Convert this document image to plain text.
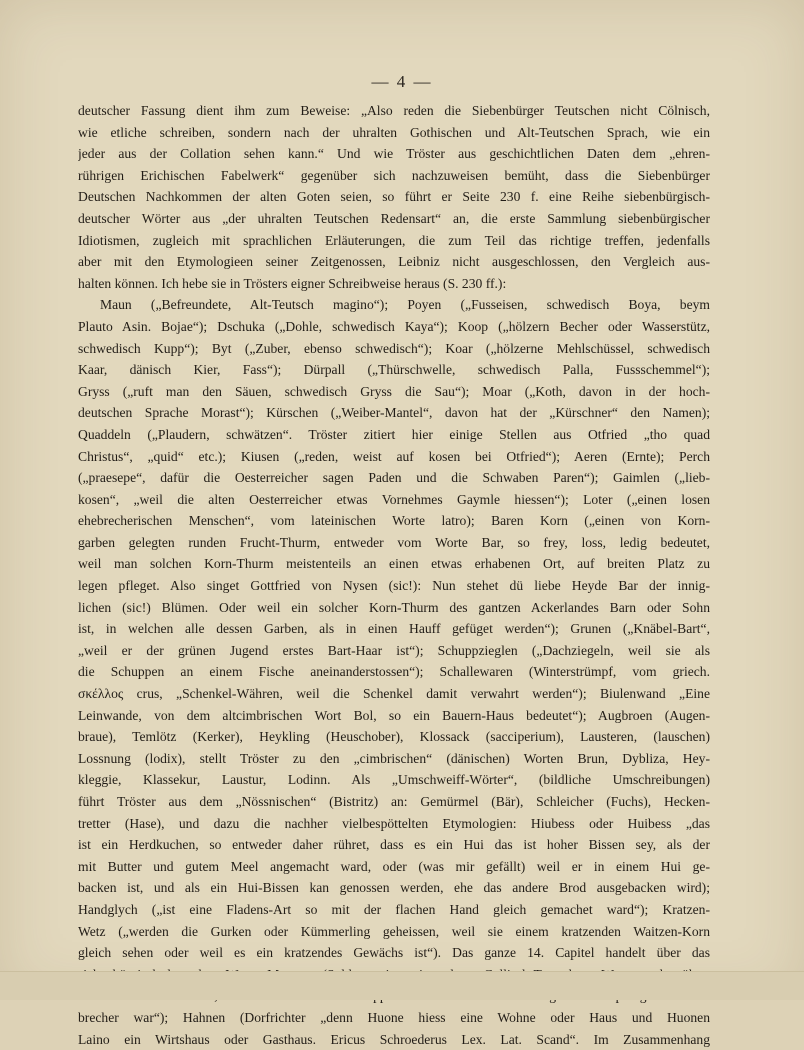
— 4 —
deutscher Fassung dient ihm zum Beweise: „Also reden die Siebenbürger Teutschen nicht Cölnisch,
wie etliche schreiben, sondern nach der uhralten Gothischen und Alt-Teutschen Sprach, wie ein
jeder aus der Collation sehen kann.“ Und wie Tröster aus geschichtlichen Daten dem „ehren-
rührigen Erichischen Fabelwerk“ gegenüber sich nachzuweisen bemüht, dass die Siebenbürger
Deutschen Nachkommen der alten Goten seien, so führt er Seite 230 f. eine Reihe siebenbürgisch-
deutscher Wörter aus „der uhralten Teutschen Redensart“ an, die erste Sammlung siebenbürgischer
Idiotismen, zugleich mit sprachlichen Erläuterungen, die zum Teil das richtige treffen, jedenfalls
aber mit den Etymologieen seiner Zeitgenossen, Leibniz nicht ausgeschlossen, den Vergleich aus-
halten können. Ich hebe sie in Trösters eigner Schreibweise heraus (S. 230 ff.):
Maun („Befreundete, Alt-Teutsch magino“); Poyen („Fusseisen, schwedisch Boya, beym
Plauto Asin. Bojae“); Dschuka („Dohle, schwedisch Kaya“); Koop („hölzern Becher oder Wasserstütz,
schwedisch Kupp“); Byt („Zuber, ebenso schwedisch“); Koar („hölzerne Mehlschüssel, schwedisch
Kaar, dänisch Kier, Fass“); Dürpall („Thürschwelle, schwedisch Palla, Fussschemmel“);
Gryss („ruft man den Säuen, schwedisch Gryss die Sau“); Moar („Koth, davon in der hoch-
deutschen Sprache Morast“); Kürschen („Weiber-Mantel“, davon hat der „Kürschner“ den Namen);
Quaddeln („Plaudern, schwätzen“. Tröster zitiert hier einige Stellen aus Otfried „tho quad
Christus“, „quid“ etc.); Kiusen („reden, weist auf kosen bei Otfried“); Aeren (Ernte); Perch
(„praesepe“, dafür die Oesterreicher sagen Paden und die Schwaben Paren“); Gaimlen („lieb-
kosen“, „weil die alten Oesterreicher etwas Vornehmes Gaymle hiessen“); Loter („einen losen
ehebrecherischen Menschen“, vom lateinischen Worte latro); Baren Korn („einen von Korn-
garben gelegten runden Frucht-Thurm, entweder vom Worte Bar, so frey, loss, ledig bedeutet,
weil man solchen Korn-Thurm meistenteils an einen etwas erhabenen Ort, auf breiten Platz zu
legen pfleget. Also singet Gottfried von Nysen (sic!): Nun stehet dü liebe Heyde Bar der innig-
lichen (sic!) Blümen. Oder weil ein solcher Korn-Thurm des gantzen Ackerlandes Barn oder Sohn
ist, in welchen alle dessen Garben, als in einen Hauff gefüget werden“); Grunen („Knäbel-Bart“,
„weil er der grünen Jugend erstes Bart-Haar ist“); Schuppzieglen („Dachziegeln, weil sie als
die Schuppen an einem Fische aneinanderstossen“); Schallewaren (Winterstrümpf, vom griech.
σκέλλος crus, „Schenkel-Währen, weil die Schenkel damit verwahrt werden“); Biulenwand „Eine
Leinwande, von dem altcimbrischen Wort Bol, so ein Bauern-Haus bedeutet“); Augbroen (Augen-
braue), Temlötz (Kerker), Heykling (Heuschober), Klossack (sacciperium), Lausteren, (lauschen)
Lossnung (lodix), stellt Tröster zu den „cimbrischen“ (dänischen) Worten Brun, Dybliza, Hey-
kleggie, Klassekur, Laustur, Lodinn. Als „Umschweiff-Wörter“, (bildliche Umschreibungen)
führt Tröster aus dem „Nössnischen“ (Bistritz) an: Gemürmel (Bär), Schleicher (Fuchs), Hecken-
tretter (Hase), und dazu die nachher vielbespöttelten Etymologien: Hiubess oder Huibess „das
ist ein Herdkuchen, so entweder daher rühret, dass es ein Hui das ist hoher Bissen sey, als der
mit Butter und gutem Meel angemacht ward, oder (was mir gefällt) weil er in einem Hui ge-
backen ist, und als ein Hui-Bissen kan genossen werden, ehe das andere Brod ausgebacken wird);
Handglych („ist eine Fladens-Art so mit der flachen Hand gleich gemachet ward“); Kratzen-
Wetz („werden die Gurken oder Kümmerling geheissen, weil sie einem kratzenden Waitzen-Korn
gleich sehen oder weil es ein kratzendes Gewächs ist“). Das ganze 14. Capitel handelt über das
brecher war“); Hahnen (Dorfrichter „denn Huone hiess eine Wohne oder Haus und Huonen
Laino ein Wirtshaus oder Gasthaus. Ericus Schroederus Lex. Lat. Scand“. Im Zusammenhang
